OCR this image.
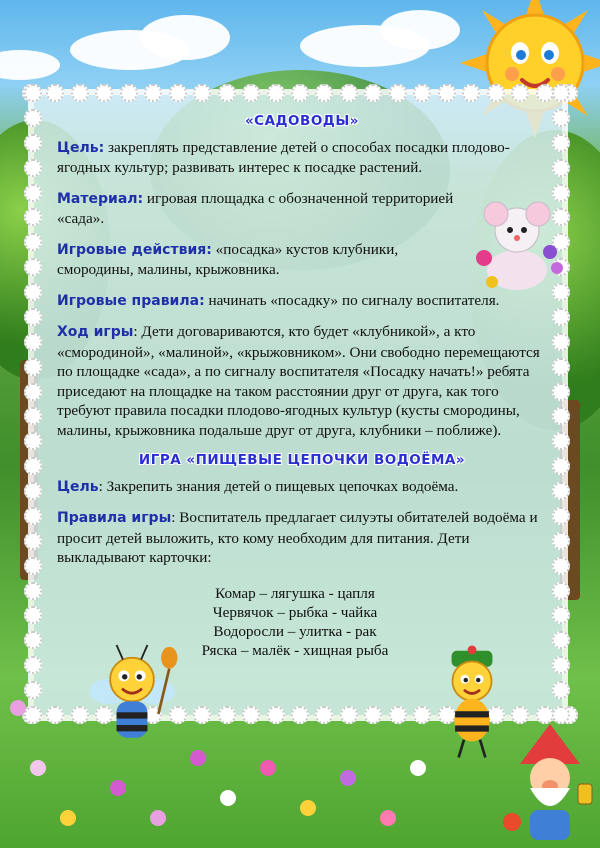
«САДОВОДЫ»

Цель: закреплять представление детей о способах посадки плодово-ягодных культур; развивать интерес к посадке растений.

Материал: игровая площадка с обозначенной территорией «сада».

Игровые действия: «посадка» кустов клубники, смородины, малины, крыжовника.

Игровые правила: начинать «посадку» по сигналу воспитателя.

Ход игры: Дети договариваются, кто будет «клубникой», а кто «смородиной», «малиной», «крыжовником». Они свободно перемещаются по площадке «сада», а по сигналу воспитателя «Посадку начать!» ребята приседают на площадке на таком расстоянии друг от друга, как того требуют правила посадки плодово-ягодных культур (кусты смородины, малины, крыжовника подальше друг от друга, клубники – поближе).

ИГРА «ПИЩЕВЫЕ ЦЕПОЧКИ ВОДОЁМА»

Цель: Закрепить знания детей о пищевых цепочках водоёма.

Правила игры: Воспитатель предлагает силуэты обитателей водоёма и просит детей выложить, кто кому необходим для питания. Дети выкладывают карточки:

Комар – лягушка - цапля
Червячок – рыбка - чайка
Водоросли – улитка - рак
Ряска – малёк - хищная рыба
